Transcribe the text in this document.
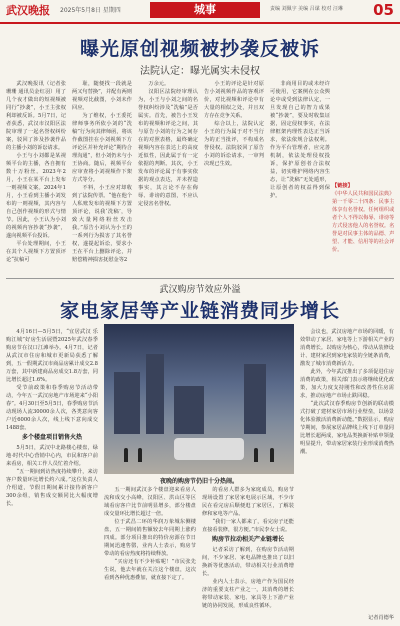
武汉晚报 2025年5月8日 星期四	城事	责编 刘佩宇 美编 吕谋 校对 汪琳 05
曝光原创视频被抄袭反被诉
法院认定：曝光属实未侵权

武汉晚报讯（记者张珊珊 通讯员金红羽）用了几个夜才做出的短视频被同行“抄袭”，小王主张权利却被反诉。5月7日，记者获悉，武汉市汉阳区法院审理了一起名誉权纠纷案，驳回了涉及抄袭作品的主播小刘的诉讼请求。

小王与小刘都是某视频平台的主播，各自拥有数十万粉丝。2023年2月，小王在某平台上发布一则视频文案。2024年1月，小王看到主播小刘发布的一则视频，其内容与自己创作视频的形式与情节。因此，小王认为小刘的视频内容抄袭“抄袭”，遂向视频平台投诉。

平台处理期间，小王在其个人视频下方置顶评论“抗稿可

耻，随便找一段就是两又句替换”，并配有两则视频对比截图，小刘未作回应。

为了维权，小王委托律师事务所依小刘的“洗稿”行为向其律师函，将该作截图挂在小刘视频下方评论区并补充评论“期待合理沟通”，但小刘仍未与小王协商。随后，视频平台应审查将小刘视频作下架方式等分。

不料，小王应对却收到了法院传票。“他在他个人私账发布的视频下方置顶评论，说我‘洗稿’，导致大量网络粉丝攻击我。”原告小刘认为小王的一系列行为损害了其名誉权，遂提起诉讼，要求小王在平台上删除评论，并赔偿精神损害抚慰金等2

万余元。

汉阳区法院经审理认为，小王与小刘之间的名誉权纠纷涉及“洗稿”是否属实。首先，被告小王发布的视频和评论之间，其与原告小刘的行为之间存在的对照表格，最终确定视频内容在表达上的高度近似性，因此属于有一定依据的判断。其次，小王发布的评论属于有事实依据的观点表达，并未捏造事实，其言论不存在侮辱、诽谤的意图，不应认定侵害名誉权。

小王的评论是针对原告小刘视频作品的客观评价，对比视频和评论中有大量的相似之处，并且双方存在竞争关系。

综合以上，法院认定小王的行为属于对不当行为的正当批评，不构成名誉侵权。法院驳回了原告小刘的诉讼请求，一审判决现已生效。

非商用目的或未经许可使用，它案例在公众舆论中或受到法律认定，一旦发现自己的智力成果被“抄袭”，要及时收集证据，固定侵权事实，在法律框架内理性表达正当诉求，依法依规合法权利。作为平台管理者，应完善机制，依法处理侵权投诉，保护原创者合法权益，切实维护网络内容生态，让“洗稿”无处遁形，让原创者的权益得到保护。

【链接】
《中华人民共和国民法典》第一千零二十四条：民事主体享有名誉权。任何组织或者个人不得以侮辱、诽谤等方式侵害他人的名誉权。名誉是对民事主体的品德、声望、才能、信用等的社会评价。
武汉购房节效应外溢
家电家居等产业链消费同步增长

4月16日—5月5日，“宜居武汉 乐购江城”好房生活展暨2025年武汉春季购房节在汉口江滩举办。4月7日，记者从武汉市住房和城市更新局获悉了解到，五一假期武汉市商品房累计成交2.8万套，其中新建商品房成交1.8万套，同比增长超过1.6%。

受节前政策和春季购房节活动带动，今年五一武汉房地产市场迎来“小阳春”。4月30日至5月5日，春季购房节活动现场人流30000余人次，各类意向客户近6000余人次，线上线下意向成交1488套。

多个楼盘项目销售火热

5月5日，武汉中北路楼心楼盘，绿地·时代中心营销中心内，市民和客户前来看房，相关工作人员忙着介绍。

“五一期间到访热度持续攀升，来访客户数量环比增长约六成。”这位负责人介绍道，节假日期间累计接待新客户300余组，销售成交额同比大幅度增长。

夜晚的购房节仍旧十分热闹。

五一期间武汉多个楼盘迎来看房人流和成交小高峰，汉阳区、洪山区等区域看房客户比节前明显增多，部分楼盘成交量环比增长超过一倍。

位于武昌二环的华润万象城东侧楼盘，五一期间销售额较去年同期上涨约四成。部分项目推出的特价房源在节日期间迅速售罄，业内人士表示，购房节带动的看房热度将持续释放。

“买房还有不少补贴呢！”市民张先生说，他去年就在关注这个楼盘，这次看到各种优惠叠加，就直接下定了。

的看房人群多为家庭成员。购房节现场设置了家居家电展示区域，不少市民在看完房后顺便逛了家居区，了解装修和家电等产品。

“我们一家人都来了，看完房子还能直接看装修，很方便。”市民李女士说。

购房节拉动相关产业链增长

记者采访了解到，在购房节活动期间，不少家居、家电品牌也推出了以旧换新等优惠活动，带动相关行业消费增长。

业内人士表示，房地产作为国民经济的重要支柱产业之一，其消费的增长将带动家装、家电、家具等上下游产业链的协同发展，形成良性循环。

会议也，武汉房地产市场的回暖，有效带动了家居、家电等上下游相关产业的消费增长。以购房为核心，带动从装修设计、建材家居到家电家装的全链条消费，激发了城市消费新活力。

此外，今年武汉推出了多项促进住房消费的政策，相关部门表示将继续优化政策，加大力度支持刚性和改善性住房需求，推动房地产市场止跌回稳。

“此次武汉春季购房节创新的联动模式打破了建材家居市场行业壁垒，以场景化体验激活消费新动能。”数据显示，购房节期间，参展家居品牌线上线下订单量同比增长超两成，家电品类换新补贴申领量明显提升，带动家居家装行业形成消费热潮。

记者肖德华
